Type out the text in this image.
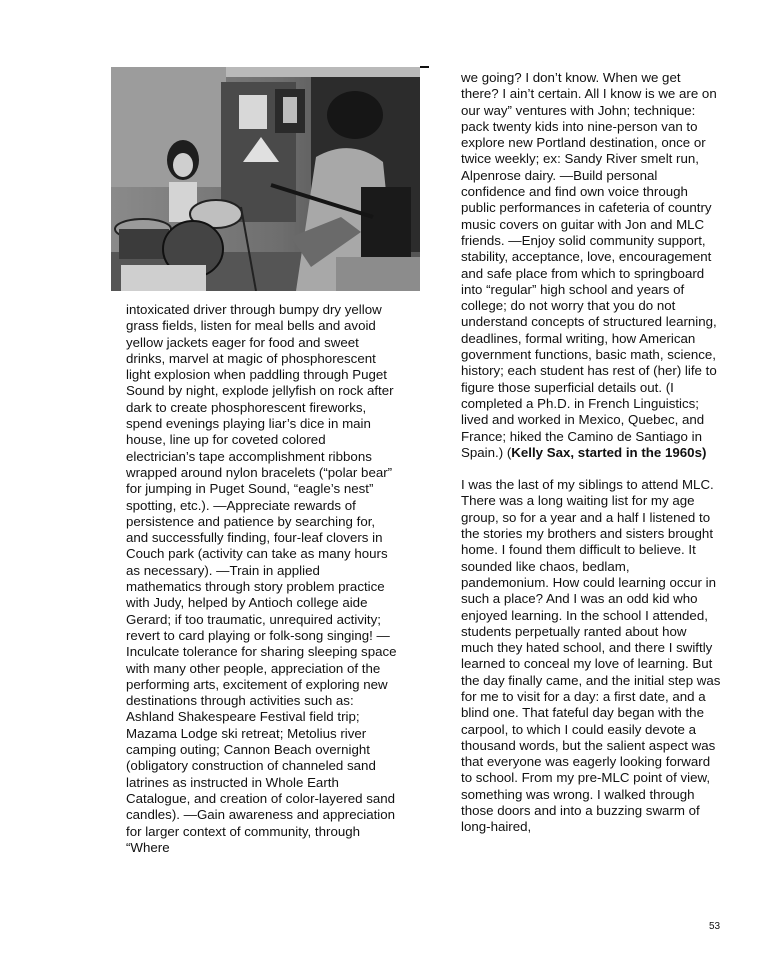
intoxicated driver through bumpy dry yellow grass fields, listen for meal bells and avoid yellow jackets eager for food and sweet drinks, marvel at magic of phosphorescent light explosion when paddling through Puget Sound by night, explode jellyfish on rock after dark to create phosphorescent fireworks, spend evenings playing liar’s dice in main house, line up for coveted colored electrician’s tape accomplishment ribbons wrapped around nylon bracelets (“polar bear” for jumping in Puget Sound, “eagle’s nest” spotting, etc.). —Appreciate rewards of persistence and patience by searching for, and successfully finding, four-leaf clovers in Couch park (activity can take as many hours as necessary). —Train in applied mathematics through story problem practice with Judy, helped by Antioch college aide Gerard; if too traumatic, unrequired activity; revert to card playing or folk-song singing! —Inculcate tolerance for sharing sleeping space with many other people, appreciation of the performing arts, excitement of exploring new destinations through activities such as: Ashland Shakespeare Festival field trip; Mazama Lodge ski retreat; Metolius river camping outing; Cannon Beach overnight (obligatory construction of channeled sand latrines as instructed in Whole Earth Catalogue, and creation of color-layered sand candles). —Gain awareness and appreciation for larger context of community, through “Where

we going? I don’t know. When we get there? I ain’t certain. All I know is we are on our way” ventures with John; technique: pack twenty kids into nine-person van to explore new Portland destination, once or twice weekly; ex: Sandy River smelt run, Alpenrose dairy. —Build personal confidence and find own voice through public performances in cafeteria of country music covers on guitar with Jon and MLC friends. —Enjoy solid community support, stability, acceptance, love, encouragement and safe place from which to springboard into “regular” high school and years of college; do not worry that you do not understand concepts of structured learning, deadlines, formal writing, how American government functions, basic math, science, history; each student has rest of (her) life to figure those superficial details out. (I completed a Ph.D. in French Linguistics; lived and worked in Mexico, Quebec, and France; hiked the Camino de Santiago in Spain.) (Kelly Sax, started in the 1960s)

I was the last of my siblings to attend MLC. There was a long waiting list for my age group, so for a year and a half I listened to the stories my brothers and sisters brought home. I found them difficult to believe. It sounded like chaos, bedlam, pandemonium. How could learning occur in such a place? And I was an odd kid who enjoyed learning. In the school I attended, students perpetually ranted about how much they hated school, and there I swiftly learned to conceal my love of learning. But the day finally came, and the initial step was for me to visit for a day: a first date, and a blind one. That fateful day began with the carpool, to which I could easily devote a thousand words, but the salient aspect was that everyone was eagerly looking forward to school. From my pre-MLC point of view, something was wrong. I walked through those doors and into a buzzing swarm of long-haired,

53
